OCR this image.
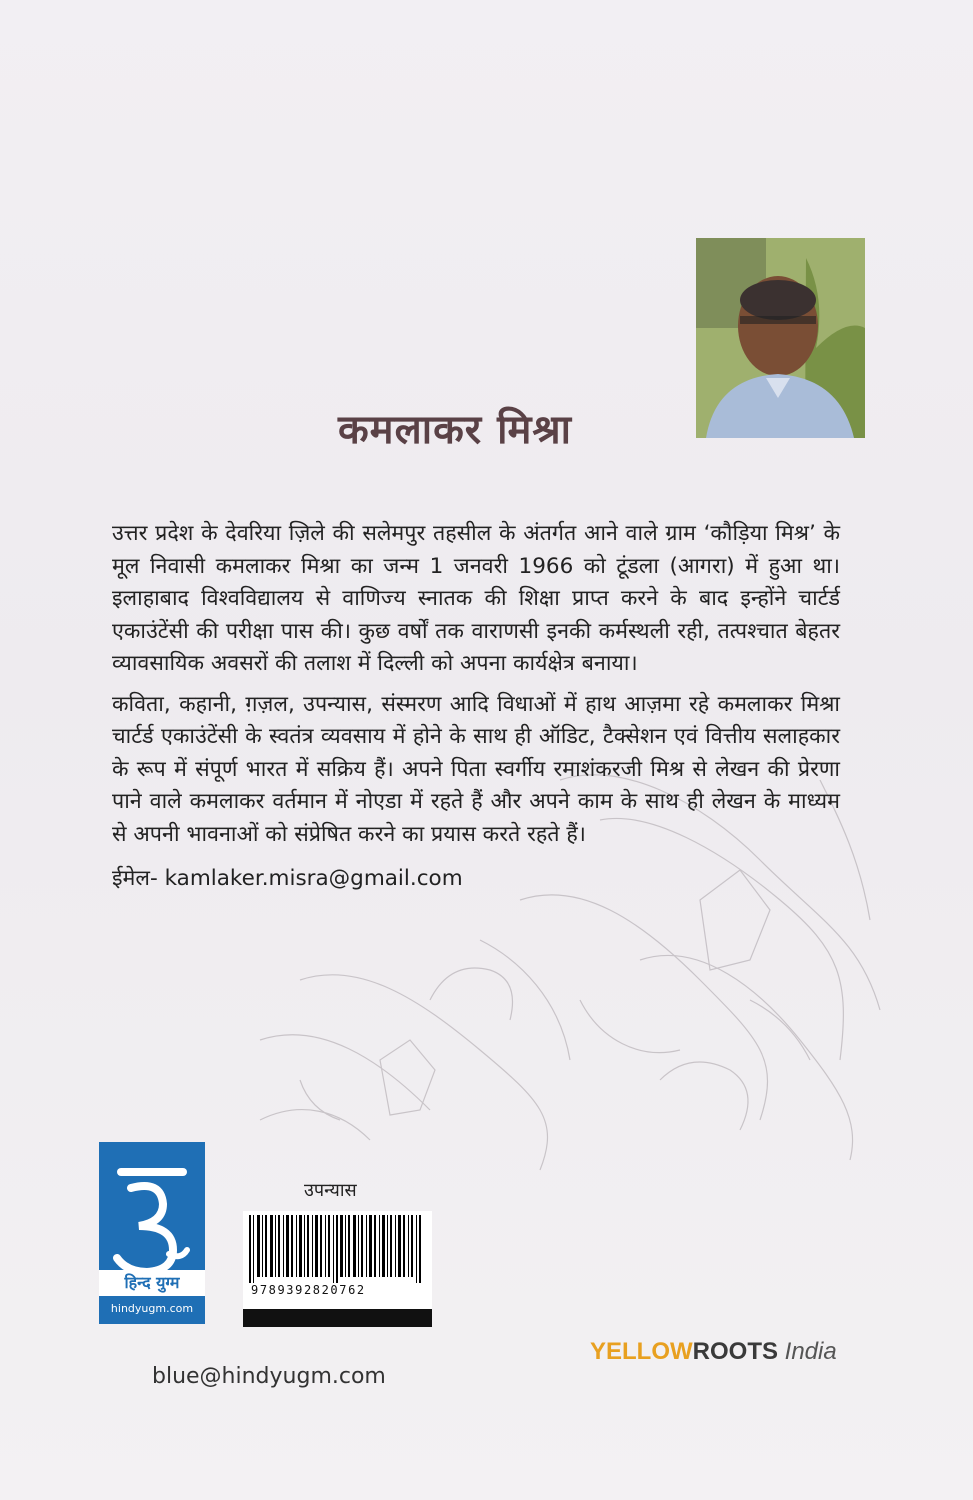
कमलाकर मिश्रा

उत्तर प्रदेश के देवरिया ज़िले की सलेमपुर तहसील के अंतर्गत आने वाले ग्राम ‘कौड़िया मिश्र’ के मूल निवासी कमलाकर मिश्रा का जन्म 1 जनवरी 1966 को टूंडला (आगरा) में हुआ था। इलाहाबाद विश्वविद्यालय से वाणिज्य स्नातक की शिक्षा प्राप्त करने के बाद इन्होंने चार्टर्ड एकाउंटेंसी की परीक्षा पास की। कुछ वर्षों तक वाराणसी इनकी कर्मस्थली रही, तत्पश्चात बेहतर व्यावसायिक अवसरों की तलाश में दिल्ली को अपना कार्यक्षेत्र बनाया।

कविता, कहानी, ग़ज़ल, उपन्यास, संस्मरण आदि विधाओं में हाथ आज़मा रहे कमलाकर मिश्रा चार्टर्ड एकाउंटेंसी के स्वतंत्र व्यवसाय में होने के साथ ही ऑडिट, टैक्सेशन एवं वित्तीय सलाहकार के रूप में संपूर्ण भारत में सक्रिय हैं। अपने पिता स्वर्गीय रमाशंकरजी मिश्र से लेखन की प्रेरणा पाने वाले कमलाकर वर्तमान में नोएडा में रहते हैं और अपने काम के साथ ही लेखन के माध्यम से अपनी भावनाओं को संप्रेषित करने का प्रयास करते रहते हैं।

ईमेल- kamlaker.misra@gmail.com
हिन्द युग्म
hindyugm.com
उपन्यास
9789392820762
YELLOWROOTS India
blue@hindyugm.com
